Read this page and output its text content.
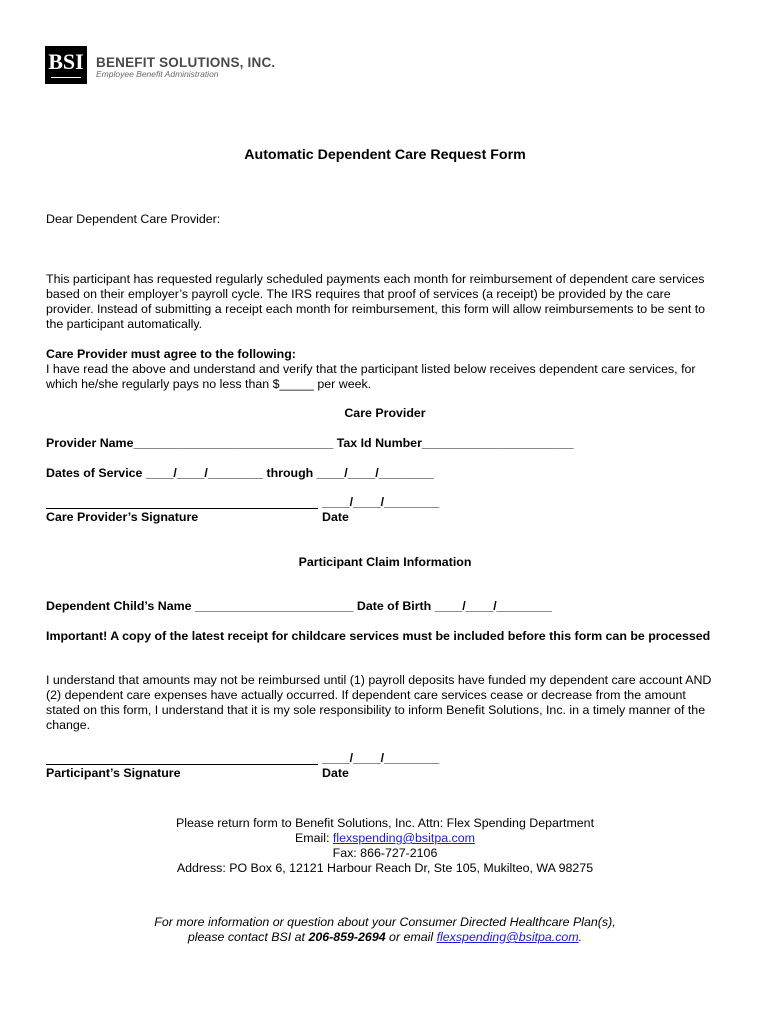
BSI BENEFIT SOLUTIONS, INC.
Employee Benefit Administration
Automatic Dependent Care Request Form
Dear Dependent Care Provider:
This participant has requested regularly scheduled payments each month for reimbursement of dependent care services
based on their employer’s payroll cycle. The IRS requires that proof of services (a receipt) be provided by the care
provider. Instead of submitting a receipt each month for reimbursement, this form will allow reimbursements to be sent to
the participant automatically.
Care Provider must agree to the following:
I have read the above and understand and verify that the participant listed below receives dependent care services, for
which he/she regularly pays no less than $_____ per week.
Care Provider
Provider Name_____________________________ Tax Id Number______________________
Dates of Service ____/____/________ through ____/____/________
____/____/________
Care Provider’s Signature	Date
Participant Claim Information
Dependent Child’s Name _______________________ Date of Birth ____/____/________
Important! A copy of the latest receipt for childcare services must be included before this form can be processed
I understand that amounts may not be reimbursed until (1) payroll deposits have funded my dependent care account AND
(2) dependent care expenses have actually occurred. If dependent care services cease or decrease from the amount
stated on this form, I understand that it is my sole responsibility to inform Benefit Solutions, Inc. in a timely manner of the
change.
____/____/________
Participant’s Signature	Date
Please return form to Benefit Solutions, Inc. Attn: Flex Spending Department
Email: flexspending@bsitpa.com
Fax: 866-727-2106
Address: PO Box 6, 12121 Harbour Reach Dr, Ste 105, Mukilteo, WA 98275
For more information or question about your Consumer Directed Healthcare Plan(s),
please contact BSI at 206-859-2694 or email flexspending@bsitpa.com.
